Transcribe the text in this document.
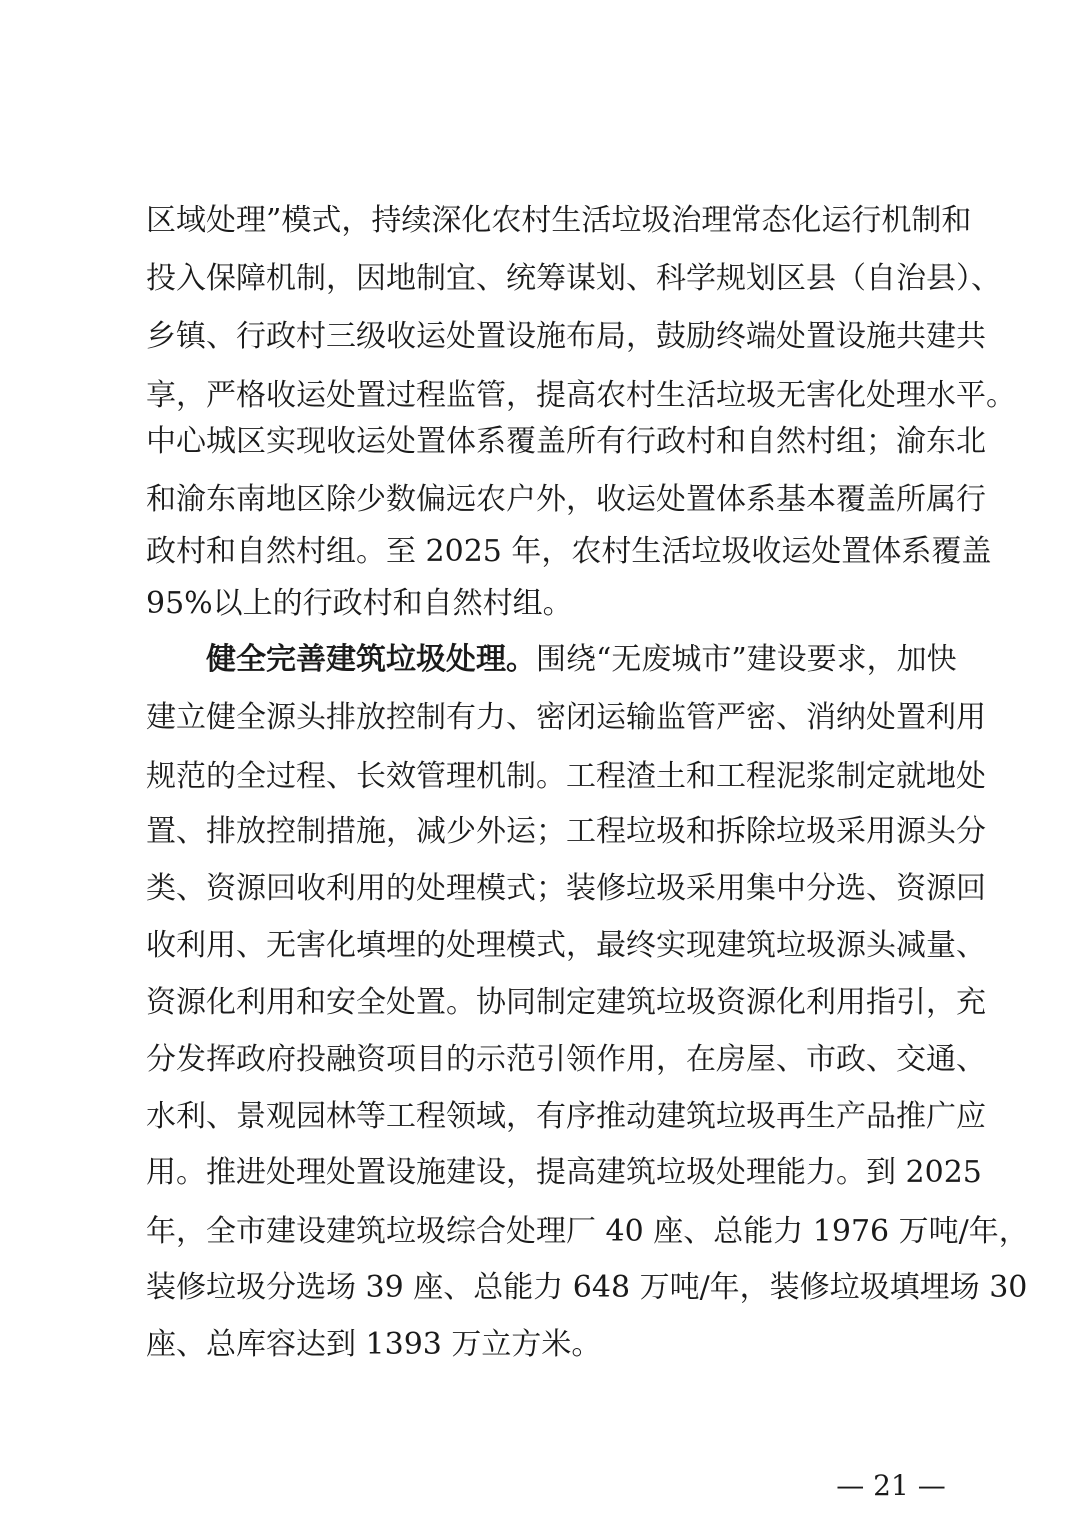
区域处理”模式，持续深化农村生活垃圾治理常态化运行机制和
投入保障机制，因地制宜、统筹谋划、科学规划区县（自治县）、
乡镇、行政村三级收运处置设施布局，鼓励终端处置设施共建共
享，严格收运处置过程监管，提高农村生活垃圾无害化处理水平。
中心城区实现收运处置体系覆盖所有行政村和自然村组；渝东北
和渝东南地区除少数偏远农户外，收运处置体系基本覆盖所属行
政村和自然村组。至 2025 年，农村生活垃圾收运处置体系覆盖
95%以上的行政村和自然村组。
健全完善建筑垃圾处理。围绕“无废城市”建设要求，加快
建立健全源头排放控制有力、密闭运输监管严密、消纳处置利用
规范的全过程、长效管理机制。工程渣土和工程泥浆制定就地处
置、排放控制措施，减少外运；工程垃圾和拆除垃圾采用源头分
类、资源回收利用的处理模式；装修垃圾采用集中分选、资源回
收利用、无害化填埋的处理模式，最终实现建筑垃圾源头减量、
资源化利用和安全处置。协同制定建筑垃圾资源化利用指引，充
分发挥政府投融资项目的示范引领作用，在房屋、市政、交通、
水利、景观园林等工程领域，有序推动建筑垃圾再生产品推广应
用。推进处理处置设施建设，提高建筑垃圾处理能力。到 2025
年，全市建设建筑垃圾综合处理厂 40 座、总能力 1976 万吨/年，
装修垃圾分选场 39 座、总能力 648 万吨/年，装修垃圾填埋场 30
座、总库容达到 1393 万立方米。
— 21 —
